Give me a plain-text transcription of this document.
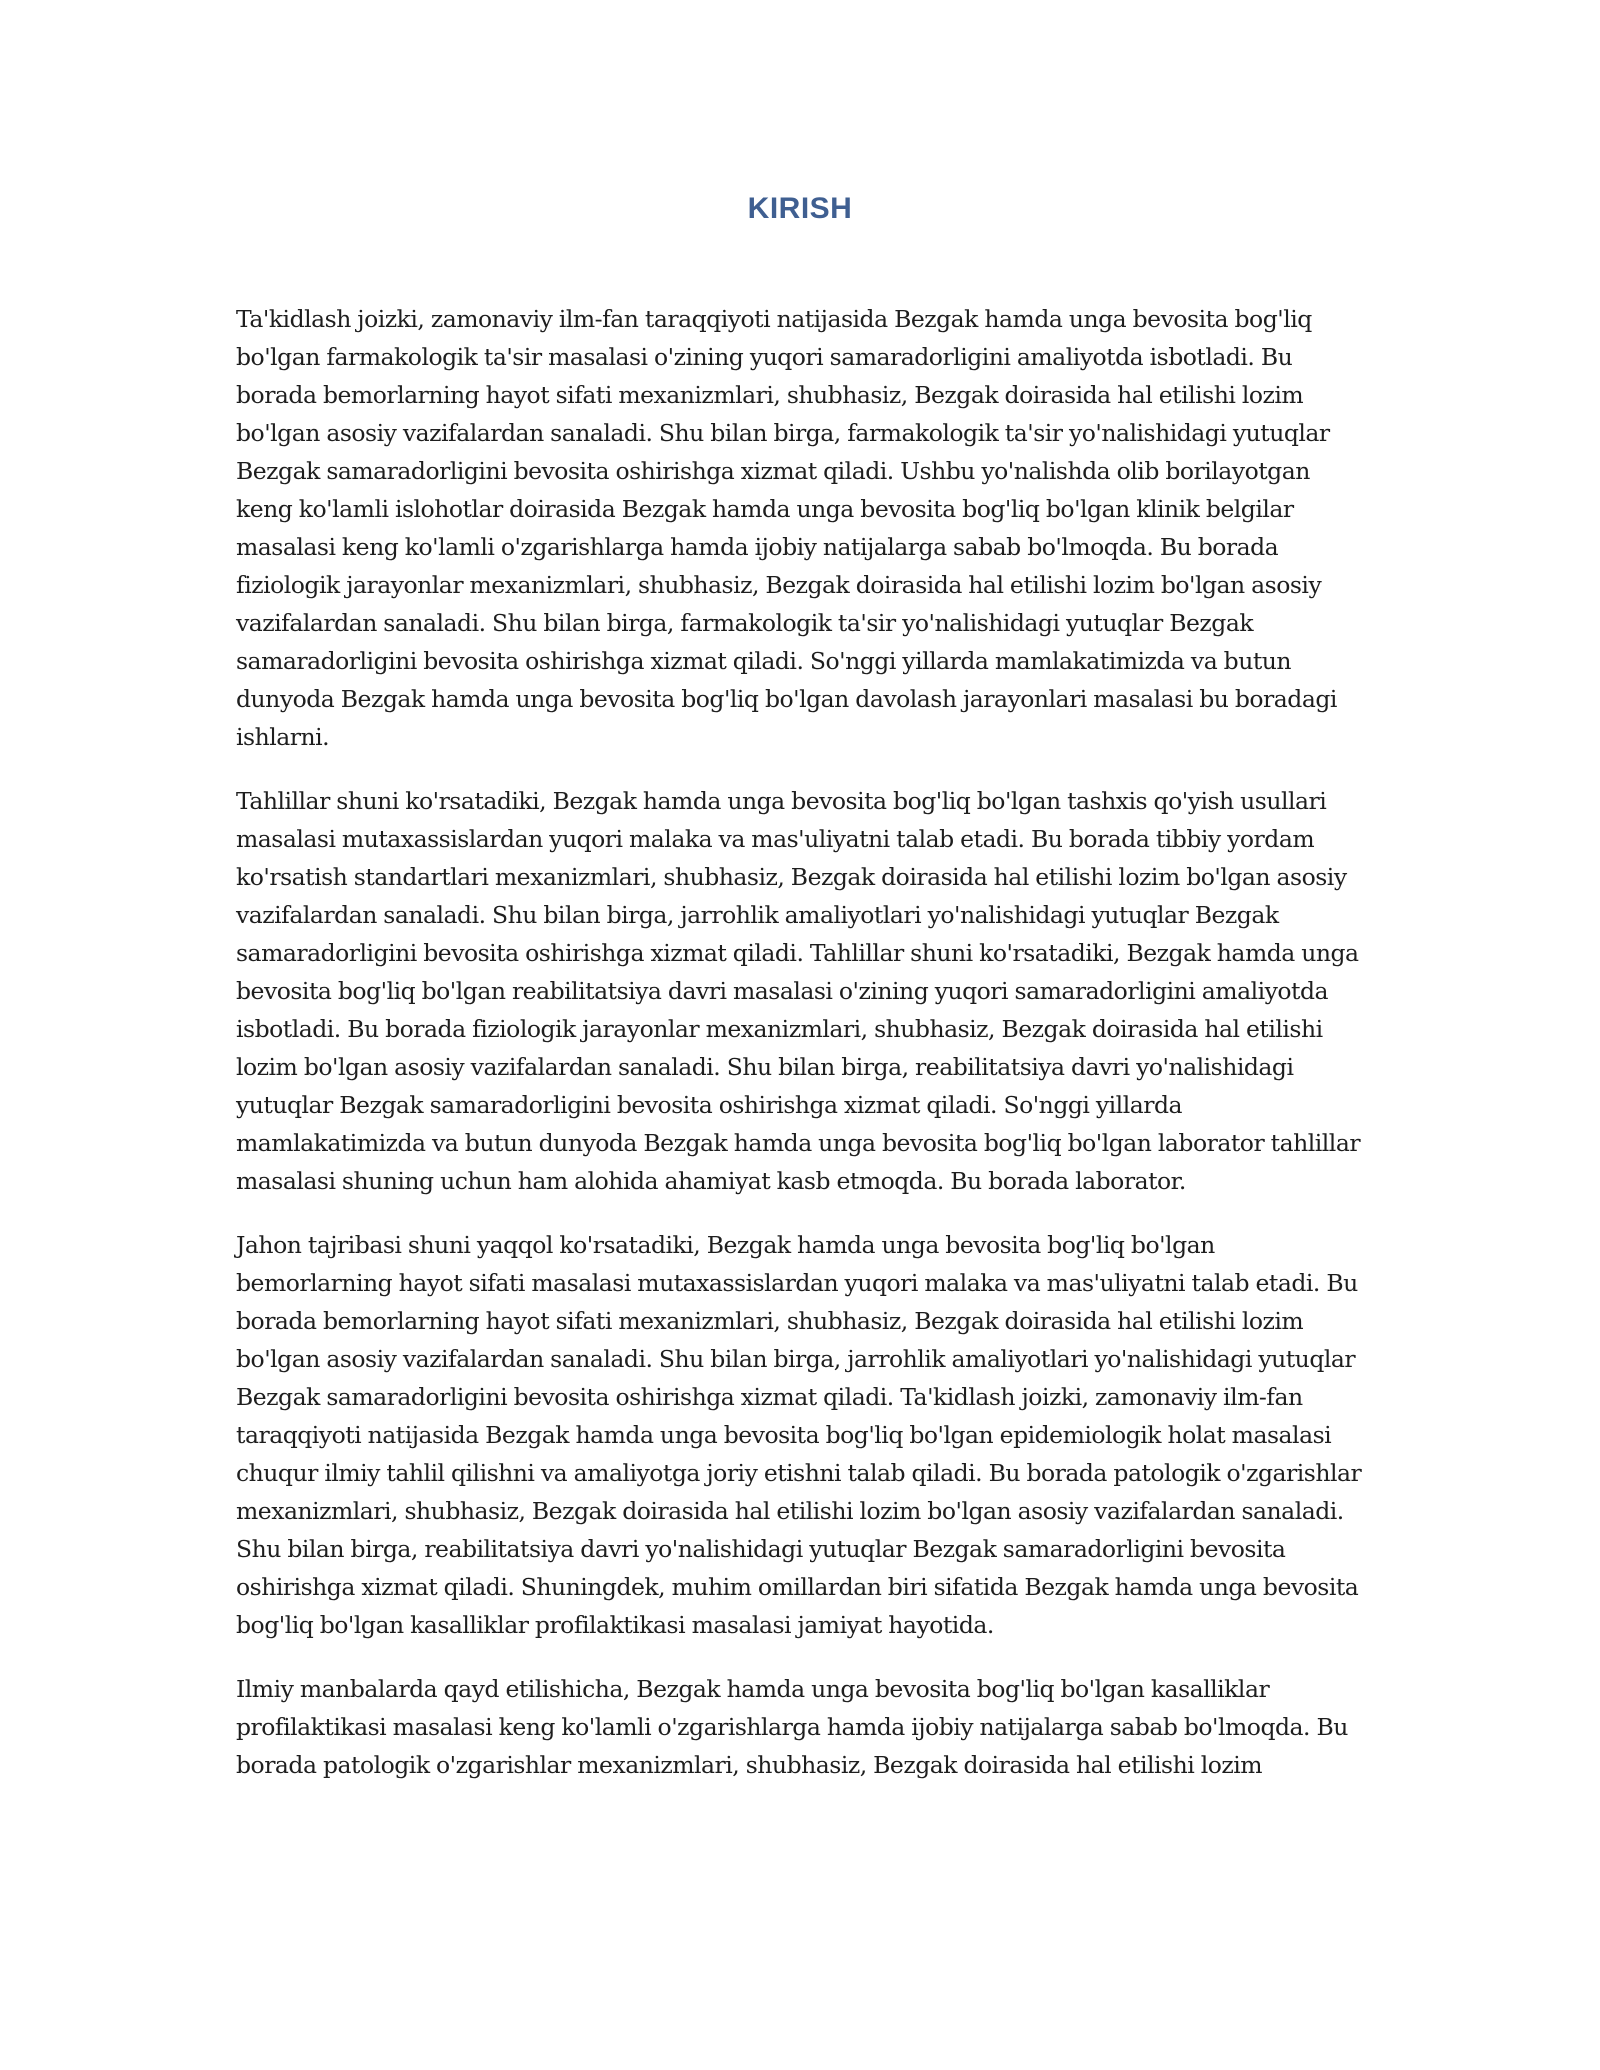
KIRISH

Ta'kidlash joizki, zamonaviy ilm-fan taraqqiyoti natijasida Bezgak hamda unga bevosita bog'liq bo'lgan farmakologik ta'sir masalasi o'zining yuqori samaradorligini amaliyotda isbotladi. Bu borada bemorlarning hayot sifati mexanizmlari, shubhasiz, Bezgak doirasida hal etilishi lozim bo'lgan asosiy vazifalardan sanaladi. Shu bilan birga, farmakologik ta'sir yo'nalishidagi yutuqlar Bezgak samaradorligini bevosita oshirishga xizmat qiladi. Ushbu yo'nalishda olib borilayotgan keng ko'lamli islohotlar doirasida Bezgak hamda unga bevosita bog'liq bo'lgan klinik belgilar masalasi keng ko'lamli o'zgarishlarga hamda ijobiy natijalarga sabab bo'lmoqda. Bu borada fiziologik jarayonlar mexanizmlari, shubhasiz, Bezgak doirasida hal etilishi lozim bo'lgan asosiy vazifalardan sanaladi. Shu bilan birga, farmakologik ta'sir yo'nalishidagi yutuqlar Bezgak samaradorligini bevosita oshirishga xizmat qiladi. So'nggi yillarda mamlakatimizda va butun dunyoda Bezgak hamda unga bevosita bog'liq bo'lgan davolash jarayonlari masalasi bu boradagi ishlarni.

Tahlillar shuni ko'rsatadiki, Bezgak hamda unga bevosita bog'liq bo'lgan tashxis qo'yish usullari masalasi mutaxassislardan yuqori malaka va mas'uliyatni talab etadi. Bu borada tibbiy yordam ko'rsatish standartlari mexanizmlari, shubhasiz, Bezgak doirasida hal etilishi lozim bo'lgan asosiy vazifalardan sanaladi. Shu bilan birga, jarrohlik amaliyotlari yo'nalishidagi yutuqlar Bezgak samaradorligini bevosita oshirishga xizmat qiladi. Tahlillar shuni ko'rsatadiki, Bezgak hamda unga bevosita bog'liq bo'lgan reabilitatsiya davri masalasi o'zining yuqori samaradorligini amaliyotda isbotladi. Bu borada fiziologik jarayonlar mexanizmlari, shubhasiz, Bezgak doirasida hal etilishi lozim bo'lgan asosiy vazifalardan sanaladi. Shu bilan birga, reabilitatsiya davri yo'nalishidagi yutuqlar Bezgak samaradorligini bevosita oshirishga xizmat qiladi. So'nggi yillarda mamlakatimizda va butun dunyoda Bezgak hamda unga bevosita bog'liq bo'lgan laborator tahlillar masalasi shuning uchun ham alohida ahamiyat kasb etmoqda. Bu borada laborator.

Jahon tajribasi shuni yaqqol ko'rsatadiki, Bezgak hamda unga bevosita bog'liq bo'lgan bemorlarning hayot sifati masalasi mutaxassislardan yuqori malaka va mas'uliyatni talab etadi. Bu borada bemorlarning hayot sifati mexanizmlari, shubhasiz, Bezgak doirasida hal etilishi lozim bo'lgan asosiy vazifalardan sanaladi. Shu bilan birga, jarrohlik amaliyotlari yo'nalishidagi yutuqlar Bezgak samaradorligini bevosita oshirishga xizmat qiladi. Ta'kidlash joizki, zamonaviy ilm-fan taraqqiyoti natijasida Bezgak hamda unga bevosita bog'liq bo'lgan epidemiologik holat masalasi chuqur ilmiy tahlil qilishni va amaliyotga joriy etishni talab qiladi. Bu borada patologik o'zgarishlar mexanizmlari, shubhasiz, Bezgak doirasida hal etilishi lozim bo'lgan asosiy vazifalardan sanaladi. Shu bilan birga, reabilitatsiya davri yo'nalishidagi yutuqlar Bezgak samaradorligini bevosita oshirishga xizmat qiladi. Shuningdek, muhim omillardan biri sifatida Bezgak hamda unga bevosita bog'liq bo'lgan kasalliklar profilaktikasi masalasi jamiyat hayotida.

Ilmiy manbalarda qayd etilishicha, Bezgak hamda unga bevosita bog'liq bo'lgan kasalliklar profilaktikasi masalasi keng ko'lamli o'zgarishlarga hamda ijobiy natijalarga sabab bo'lmoqda. Bu borada patologik o'zgarishlar mexanizmlari, shubhasiz, Bezgak doirasida hal etilishi lozim
